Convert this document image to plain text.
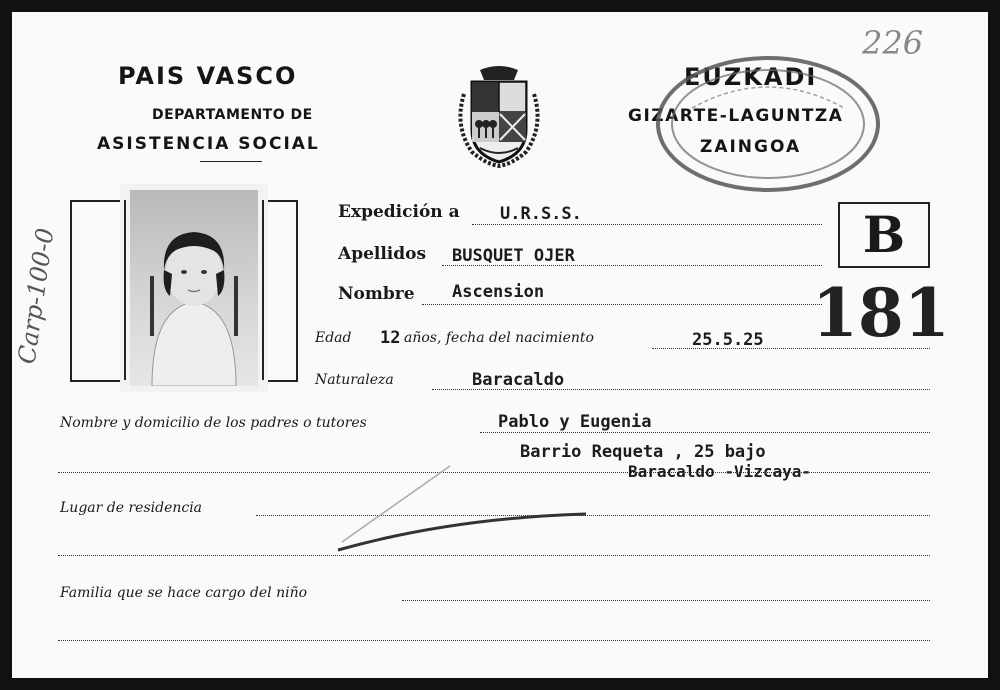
PAIS VASCO
DEPARTAMENTO DE
ASISTENCIA SOCIAL
EUZKADI
GIZARTE-LAGUNTZA
ZAINGOA
226
Carp-100-0
Expedición a U.R.S.S.
Apellidos BUSQUET OJER
Nombre Ascension
B
181
Edad 12 años, fecha del nacimiento	25.5.25
Naturaleza	Baracaldo
Nombre y domicilio de los padres o tutores	Pablo y Eugenia
Barrio Requeta , 25 bajo
Baracaldo -Vizcaya-
Lugar de residencia
Familia que se hace cargo del niño
